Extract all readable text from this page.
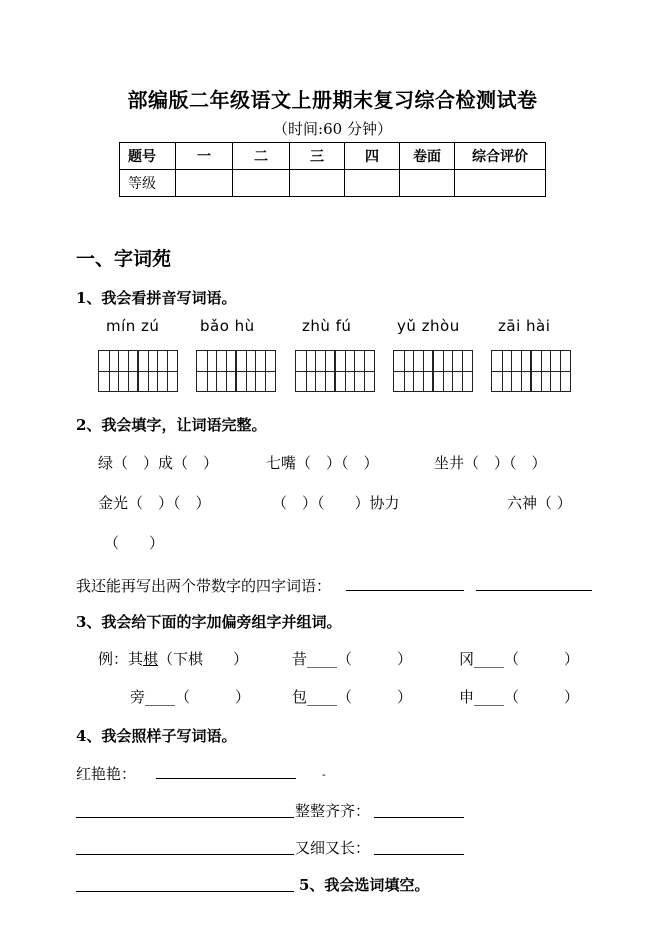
部编版二年级语文上册期末复习综合检测试卷
（时间:60 分钟）
题号	一	二	三	四	卷面	综合评价
等级						
一、字词苑
1、我会看拼音写词语。
mín zú	bǎo hù	zhù fú	yǔ zhòu	zāi hài
2、我会填字，让词语完整。
绿（　）成（　）	七嘴（　）（　）	坐井（　）（　）
金光（　）（　）	（　）（　　）协力	六神（ ）
（　　）
我还能再写出两个带数字的四字词语：
3、我会给下面的字加偏旁组字并组词。
例：其棋（下棋　　）	昔____（　　　）	冈____（　　　）
旁____（　　　）	包____（　　　）	申____（　　　）
4、我会照样子写词语。
红艳艳：	-
整整齐齐：
又细又长：
5、我会选词填空。
